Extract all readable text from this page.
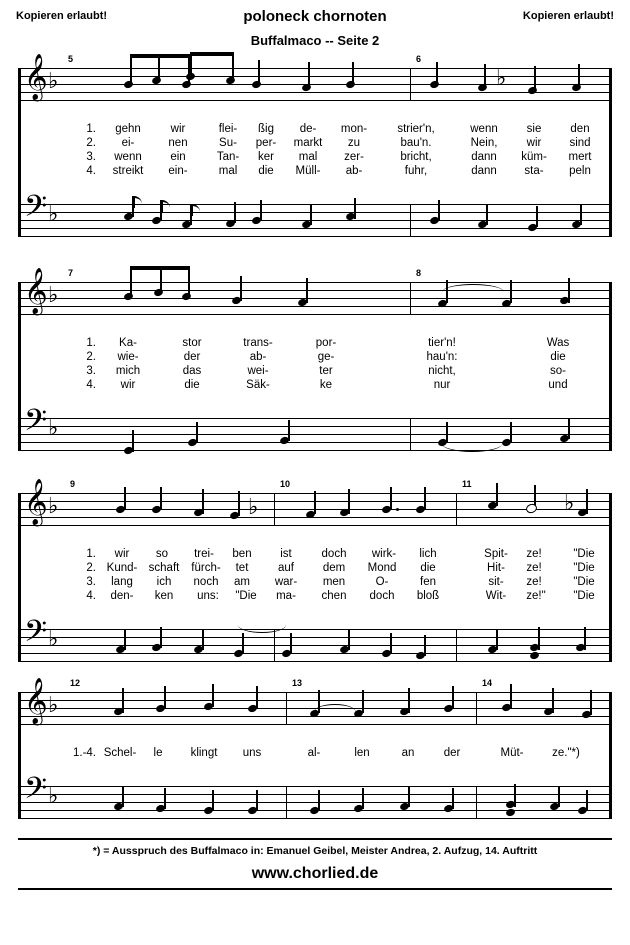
Kopieren erlaubt!	Kopieren erlaubt!
poloneck chornoten
Buffalmaco -- Seite 2
𝄞 ♭
5	6
♭
1. gehn	wir	flei- ßig de- mon-	strier'n,	wenn	sie	den
2. ei-	nen	Su- per- markt zu	bau'n.	Nein,	wir sind
3. wenn ein	Tan- ker mal zer-	bricht,	dann küm- mert
4. streikt ein-	mal die Müll- ab-	fuhr,	dann sta- peln
𝄢 ♭
𝄞 ♭
7	8
1. Ka-	stor	trans-	por-	tier'n!	Was
2. wie-	der	ab-	ge-	hau'n:	die
3. mich	das	wei-	ter	nicht,	so-
4. wir	die	Säk-	ke	nur	und
𝄢 ♭
𝄞 ♭
9
♭
10	11
♭
1. wir so trei- ben ist	doch wirk- lich	Spit- ze!	"Die
2. Kund- schaft fürch- tet	auf	dem Mond die	Hit- ze!	"Die
3. lang ich noch am war- men	O-	fen	sit- ze!	"Die
4. den- ken uns: "Die ma- chen doch bloß	Wit- ze!" "Die
𝄢 ♭
𝄞 ♭
12	13	14
1.-4. Schel- le klingt uns	al-	len	an	der	Müt- ze."*)
𝄢 ♭
*) = Ausspruch des Buffalmaco in: Emanuel Geibel, Meister Andrea, 2. Aufzug, 14. Auftritt
www.chorlied.de
